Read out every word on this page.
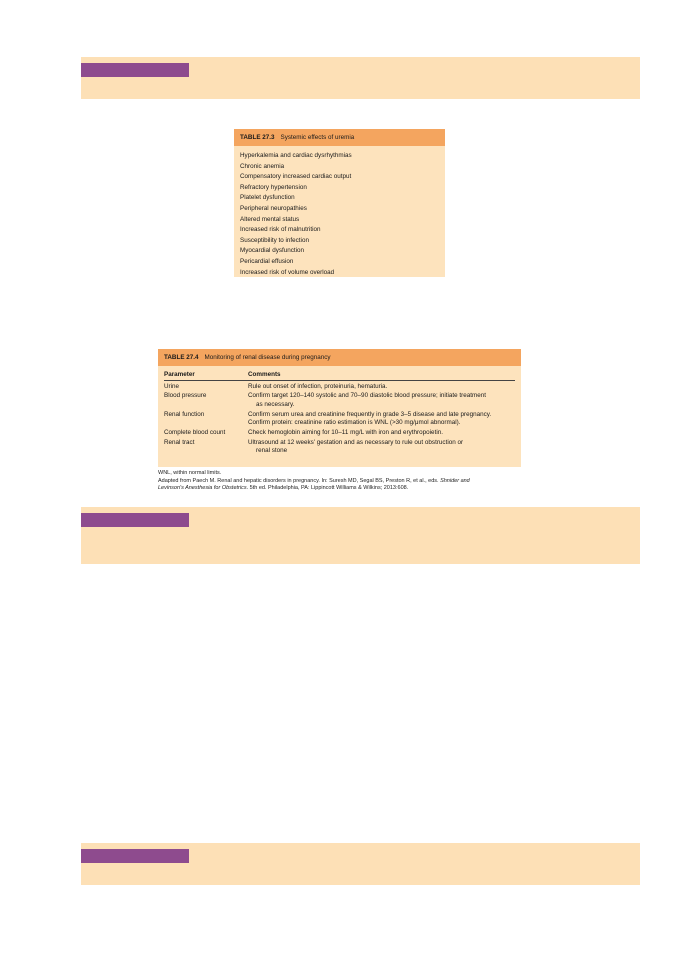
TABLE 27.3 Systemic effects of uremia
Hyperkalemia and cardiac dysrhythmias
Chronic anemia
Compensatory increased cardiac output
Refractory hypertension
Platelet dysfunction
Peripheral neuropathies
Altered mental status
Increased risk of malnutrition
Susceptibility to infection
Myocardial dysfunction
Pericardial effusion
Increased risk of volume overload
TABLE 27.4 Monitoring of renal disease during pregnancy
Parameter	Comments
Urine	Rule out onset of infection, proteinuria, hematuria.
Blood pressure	Confirm target 120–140 systolic and 70–90 diastolic blood pressure; initiate treatment
as necessary.
Renal function	Confirm serum urea and creatinine frequently in grade 3–5 disease and late pregnancy.
Confirm protein: creatinine ratio estimation is WNL (>30 mg/μmol abnormal).
Complete blood count	Check hemoglobin aiming for 10–11 mg/L with iron and erythropoietin.
Renal tract	Ultrasound at 12 weeks' gestation and as necessary to rule out obstruction or
renal stone
WNL, within normal limits.
Adapted from Paech M. Renal and hepatic disorders in pregnancy. In: Suresh MD, Segal BS, Preston R, et al., eds. Shnider and
Levinson's Anesthesia for Obstetrics. 5th ed. Philadelphia, PA: Lippincott Williams & Wilkins; 2013:608.
